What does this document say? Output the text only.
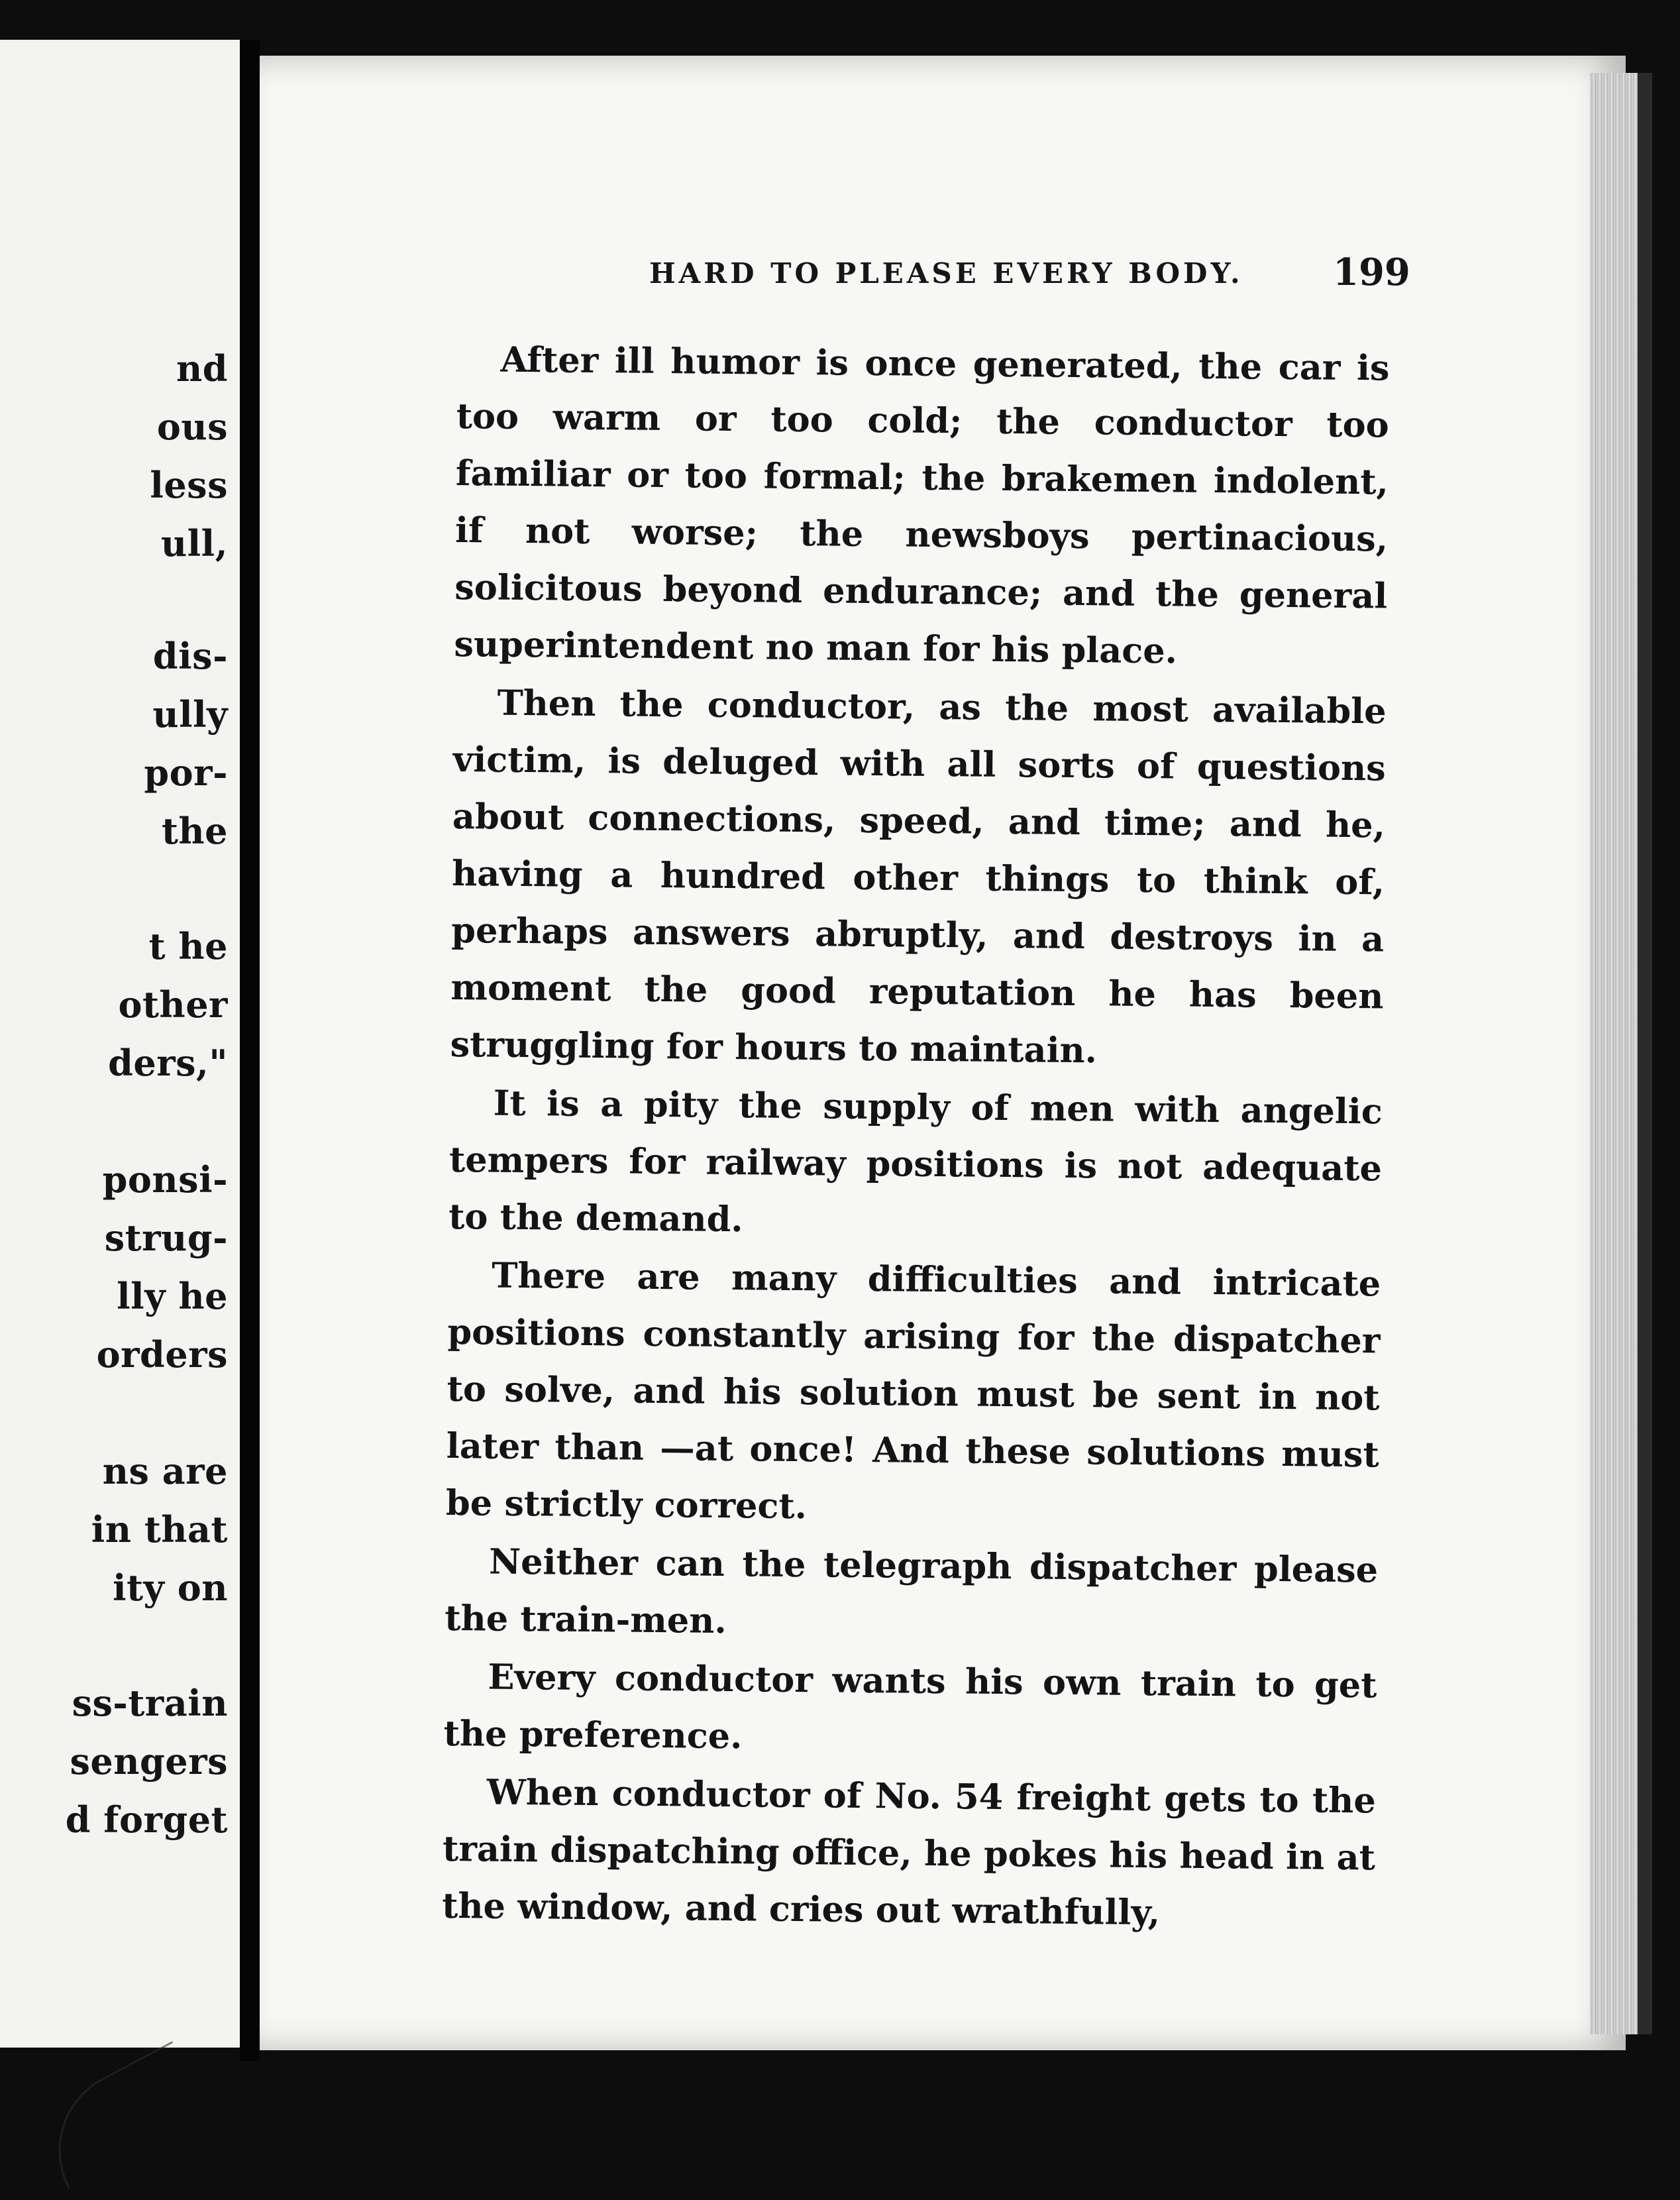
nd
ous
less
ull,
dis-
ully
por-
the
t he
other
ders,"
ponsi-
strug-
lly he
orders
ns are
in that
ity on
ss-train
sengers
d forget
HARD TO PLEASE EVERY BODY.	199

After ill humor is once generated, the car is too warm or too cold; the conductor too familiar or too formal; the brakemen indolent, if not worse; the newsboys pertinacious, solicitous beyond endurance; and the general superintendent no man for his place.

Then the conductor, as the most available victim, is deluged with all sorts of questions about connections, speed, and time; and he, having a hundred other things to think of, perhaps answers abruptly, and destroys in a moment the good reputation he has been struggling for hours to maintain.

It is a pity the supply of men with angelic tempers for railway positions is not adequate to the demand.

There are many difficulties and intricate positions constantly arising for the dispatcher to solve, and his solution must be sent in not later than —at once! And these solutions must be strictly correct.

Neither can the telegraph dispatcher please the train-men.

Every conductor wants his own train to get the preference.

When conductor of No. 54 freight gets to the train dispatching office, he pokes his head in at the window, and cries out wrathfully,
